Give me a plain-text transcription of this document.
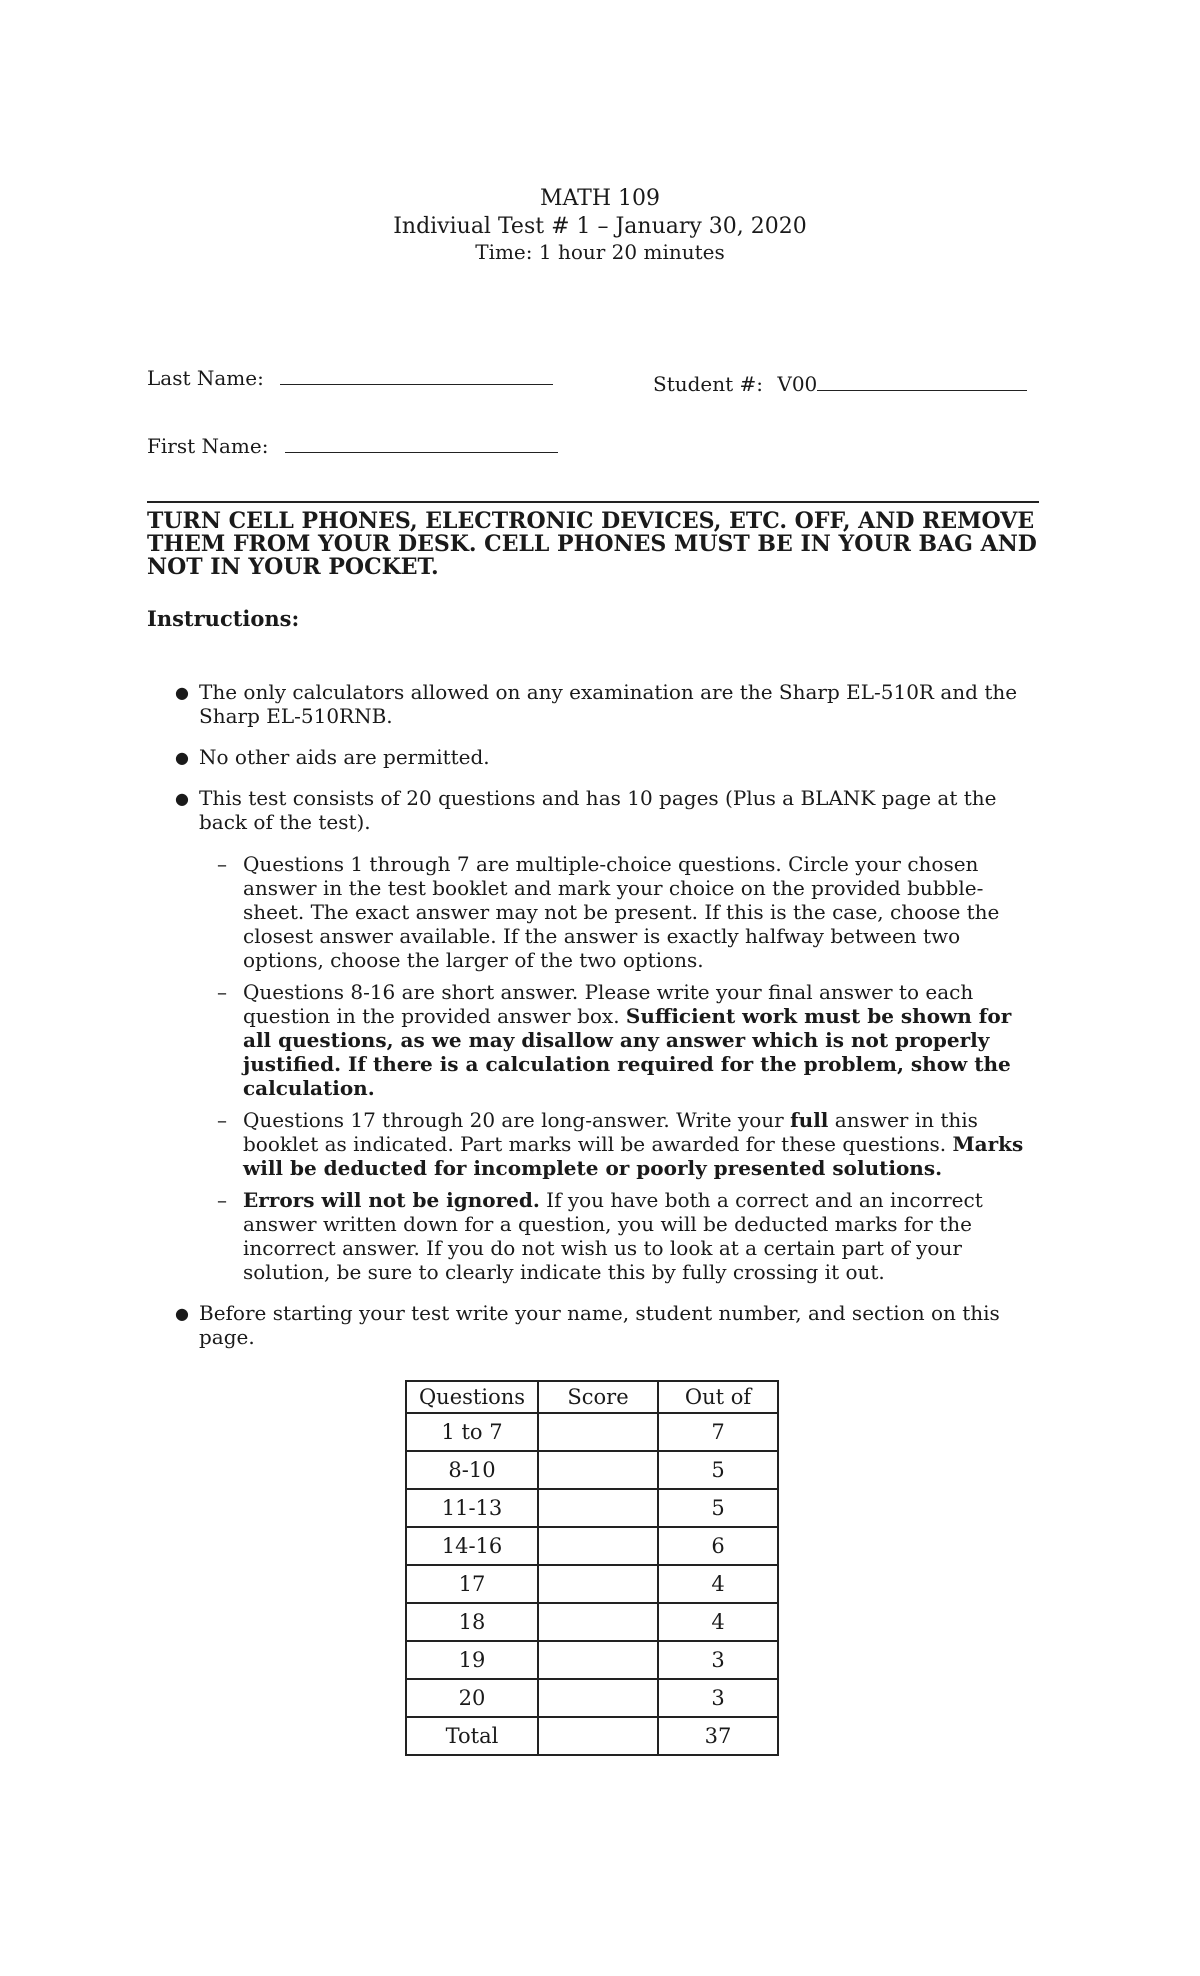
MATH 109
Indiviual Test # 1 – January 30, 2020
Time: 1 hour 20 minutes
Last Name:	Student #: V00
First Name:
TURN CELL PHONES, ELECTRONIC DEVICES, ETC. OFF, AND REMOVE THEM FROM YOUR DESK. CELL PHONES MUST BE IN YOUR BAG AND NOT IN YOUR POCKET.
Instructions:
● The only calculators allowed on any examination are the Sharp EL-510R and the Sharp EL-510RNB.
● No other aids are permitted.
● This test consists of 20 questions and has 10 pages (Plus a BLANK page at the back of the test).
– Questions 1 through 7 are multiple-choice questions. Circle your chosen answer in the test booklet and mark your choice on the provided bubble-sheet. The exact answer may not be present. If this is the case, choose the closest answer available. If the answer is exactly halfway between two options, choose the larger of the two options.
– Questions 8-16 are short answer. Please write your final answer to each question in the provided answer box. Sufficient work must be shown for all questions, as we may disallow any answer which is not properly justified. If there is a calculation required for the problem, show the calculation.
– Questions 17 through 20 are long-answer. Write your full answer in this booklet as indicated. Part marks will be awarded for these questions. Marks will be deducted for incomplete or poorly presented solutions.
– Errors will not be ignored. If you have both a correct and an incorrect answer written down for a question, you will be deducted marks for the incorrect answer. If you do not wish us to look at a certain part of your solution, be sure to clearly indicate this by fully crossing it out.
● Before starting your test write your name, student number, and section on this page.
Questions	Score	Out of
1 to 7		7
8-10		5
11-13		5
14-16		6
17		4
18		4
19		3
20		3
Total		37
